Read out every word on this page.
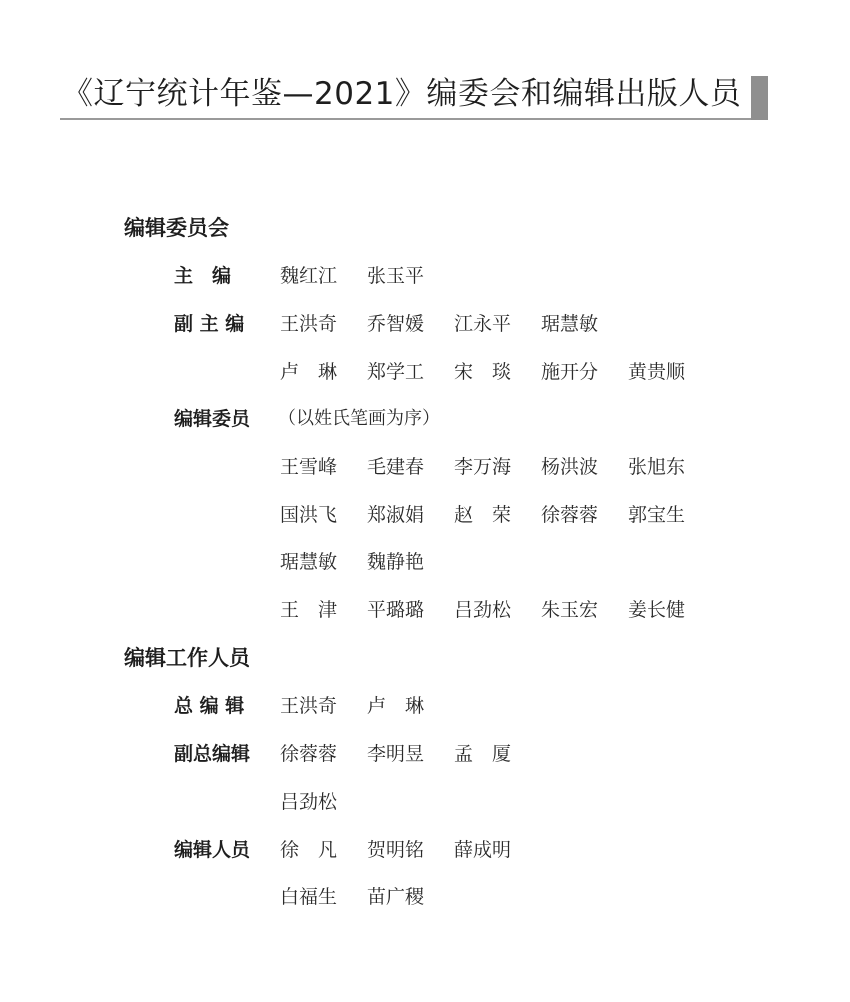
《辽宁统计年鉴—2021》编委会和编辑出版人员
编辑委员会
主　编	魏红江 张玉平
副 主 编 王洪奇 乔智媛 江永平 琚慧敏
卢　琳 郑学工 宋　琰 施开分 黄贵顺
编辑委员 （以姓氏笔画为序）
王雪峰 毛建春 李万海 杨洪波 张旭东
国洪飞 郑淑娟 赵　荣 徐蓉蓉 郭宝生
琚慧敏 魏静艳
王　津 平璐璐 吕劲松 朱玉宏 姜长健
编辑工作人员
总 编 辑 王洪奇 卢　琳
副总编辑 徐蓉蓉 李明昱 孟　厦
吕劲松
编辑人员 徐　凡 贺明铭 薛成明
白福生 苗广稷
